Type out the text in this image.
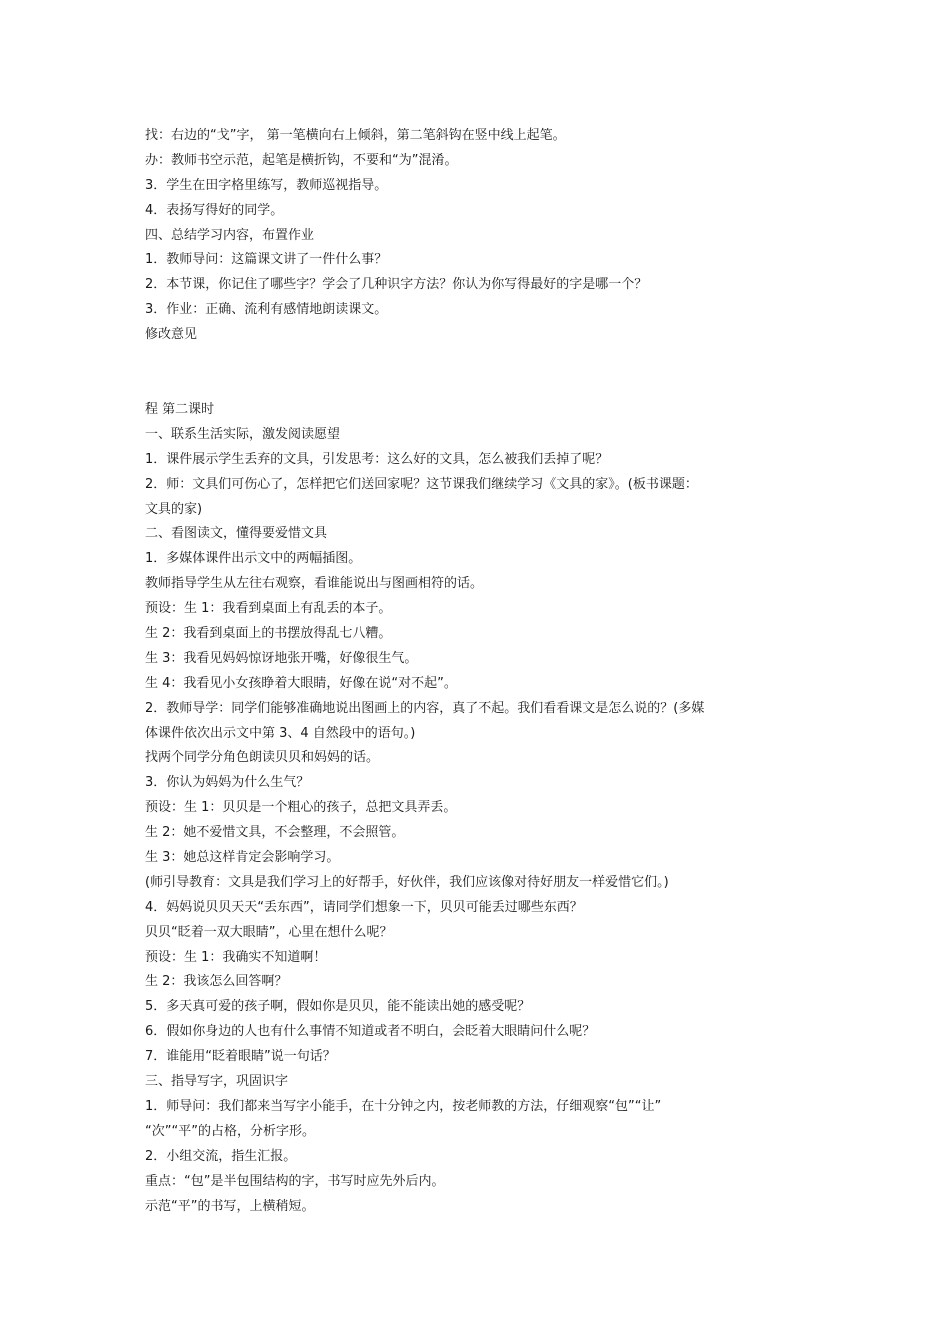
找：右边的“戈”字， 第一笔横向右上倾斜，第二笔斜钩在竖中线上起笔。
办：教师书空示范，起笔是横折钩，不要和“为”混淆。
3．学生在田字格里练写，教师巡视指导。
4．表扬写得好的同学。
四、总结学习内容，布置作业
1．教师导问：这篇课文讲了一件什么事？
2．本节课，你记住了哪些字？学会了几种识字方法？你认为你写得最好的字是哪一个？
3．作业：正确、流利有感情地朗读课文。
修改意见
程 第二课时
一、联系生活实际，激发阅读愿望
1．课件展示学生丢弃的文具，引发思考：这么好的文具，怎么被我们丢掉了呢？
2．师：文具们可伤心了，怎样把它们送回家呢？这节课我们继续学习《文具的家》。(板书课题：
文具的家)
二、看图读文，懂得要爱惜文具
1．多媒体课件出示文中的两幅插图。
教师指导学生从左往右观察，看谁能说出与图画相符的话。
预设：生 1：我看到桌面上有乱丢的本子。
生 2：我看到桌面上的书摆放得乱七八糟。
生 3：我看见妈妈惊讶地张开嘴，好像很生气。
生 4：我看见小女孩睁着大眼睛，好像在说“对不起”。
2．教师导学：同学们能够准确地说出图画上的内容，真了不起。我们看看课文是怎么说的？(多媒
体课件依次出示文中第 3、4 自然段中的语句。)
找两个同学分角色朗读贝贝和妈妈的话。
3．你认为妈妈为什么生气？
预设：生 1：贝贝是一个粗心的孩子，总把文具弄丢。
生 2：她不爱惜文具，不会整理，不会照管。
生 3：她总这样肯定会影响学习。
(师引导教育：文具是我们学习上的好帮手，好伙伴，我们应该像对待好朋友一样爱惜它们。)
4．妈妈说贝贝天天“丢东西”，请同学们想象一下，贝贝可能丢过哪些东西？
贝贝“眨着一双大眼睛”，心里在想什么呢？
预设：生 1：我确实不知道啊！
生 2：我该怎么回答啊？
5．多天真可爱的孩子啊，假如你是贝贝，能不能读出她的感受呢？
6．假如你身边的人也有什么事情不知道或者不明白，会眨着大眼睛问什么呢？
7．谁能用“眨着眼睛”说一句话？
三、指导写字，巩固识字
1．师导问：我们都来当写字小能手，在十分钟之内，按老师教的方法，仔细观察“包”“让”
“次”“平”的占格，分析字形。
2．小组交流，指生汇报。
重点：“包”是半包围结构的字，书写时应先外后内。
示范“平”的书写，上横稍短。
